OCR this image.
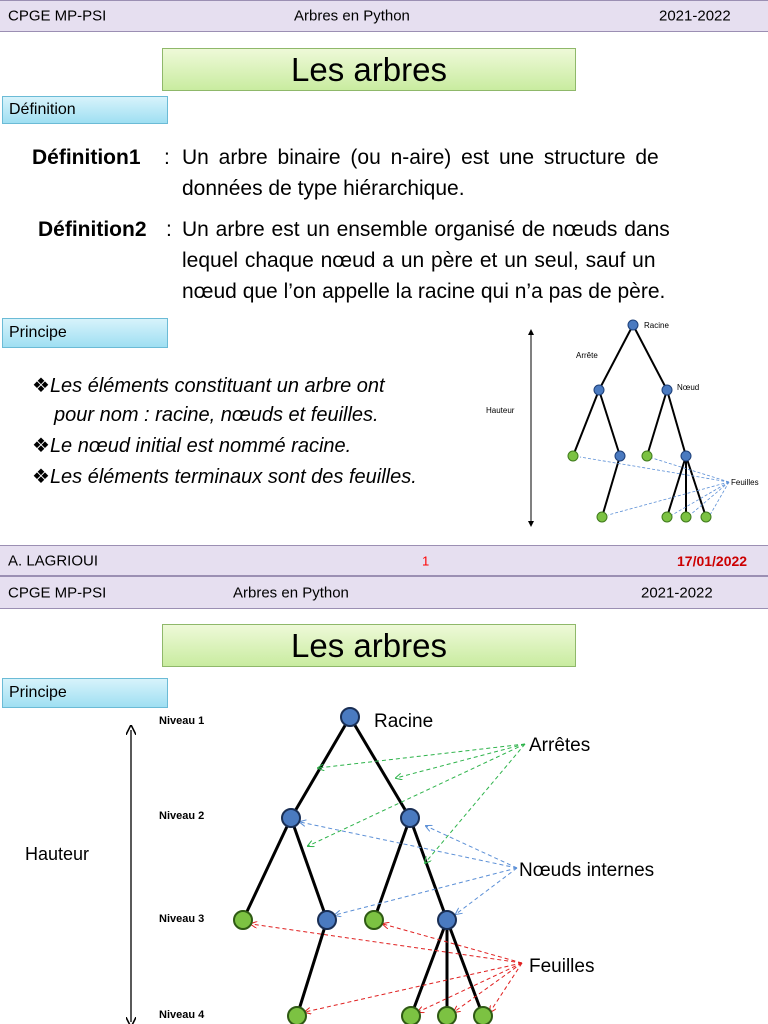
CPGE MP-PSI	Arbres en Python	2021-2022
Les arbres
Définition
Définition1 : Un arbre binaire (ou n-aire) est une structure de
données de type hiérarchique.
Définition2 : Un arbre est un ensemble organisé de nœuds dans
lequel chaque nœud a un père et un seul, sauf un
nœud que l’on appelle la racine qui n’a pas de père.
Principe
❖Les éléments constituant un arbre ont
pour nom : racine, nœuds et feuilles.
❖Le nœud initial est nommé racine.
❖Les éléments terminaux sont des feuilles.
Hauteur
Racine
Arrête
Nœud
Feuilles
A. LAGRIOUI	1	17/01/2022
CPGE MP-PSI	Arbres en Python	2021-2022
Les arbres
Principe
Hauteur
Niveau 1
Niveau 2
Niveau 3
Niveau 4
Racine
Arrêtes
Nœuds internes
Feuilles
